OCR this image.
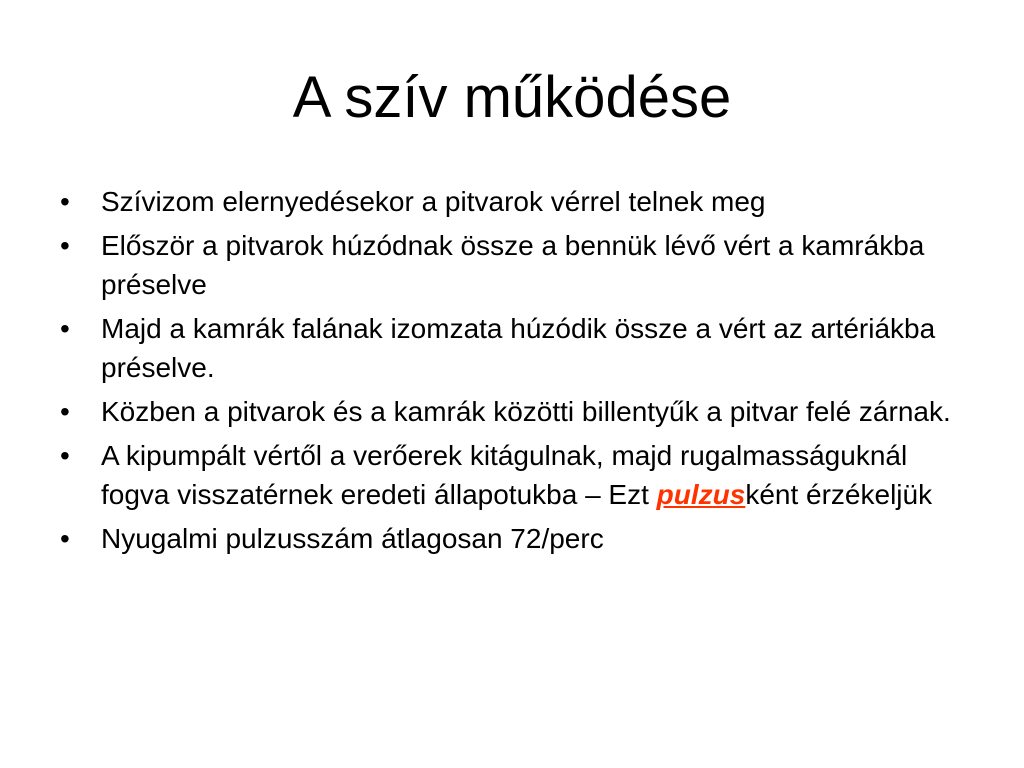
A szív működése
•	Szívizom elernyedésekor a pitvarok vérrel telnek meg
•	Először a pitvarok húzódnak össze a bennük lévő vért a kamrákba préselve
•	Majd a kamrák falának izomzata húzódik össze a vért az artériákba préselve.
•	Közben a pitvarok és a kamrák közötti billentyűk a pitvar felé zárnak.
•	A kipumpált vértől a verőerek kitágulnak, majd rugalmasságuknál fogva visszatérnek eredeti állapotukba – Ezt pulzusként érzékeljük
•	Nyugalmi pulzusszám átlagosan 72/perc
